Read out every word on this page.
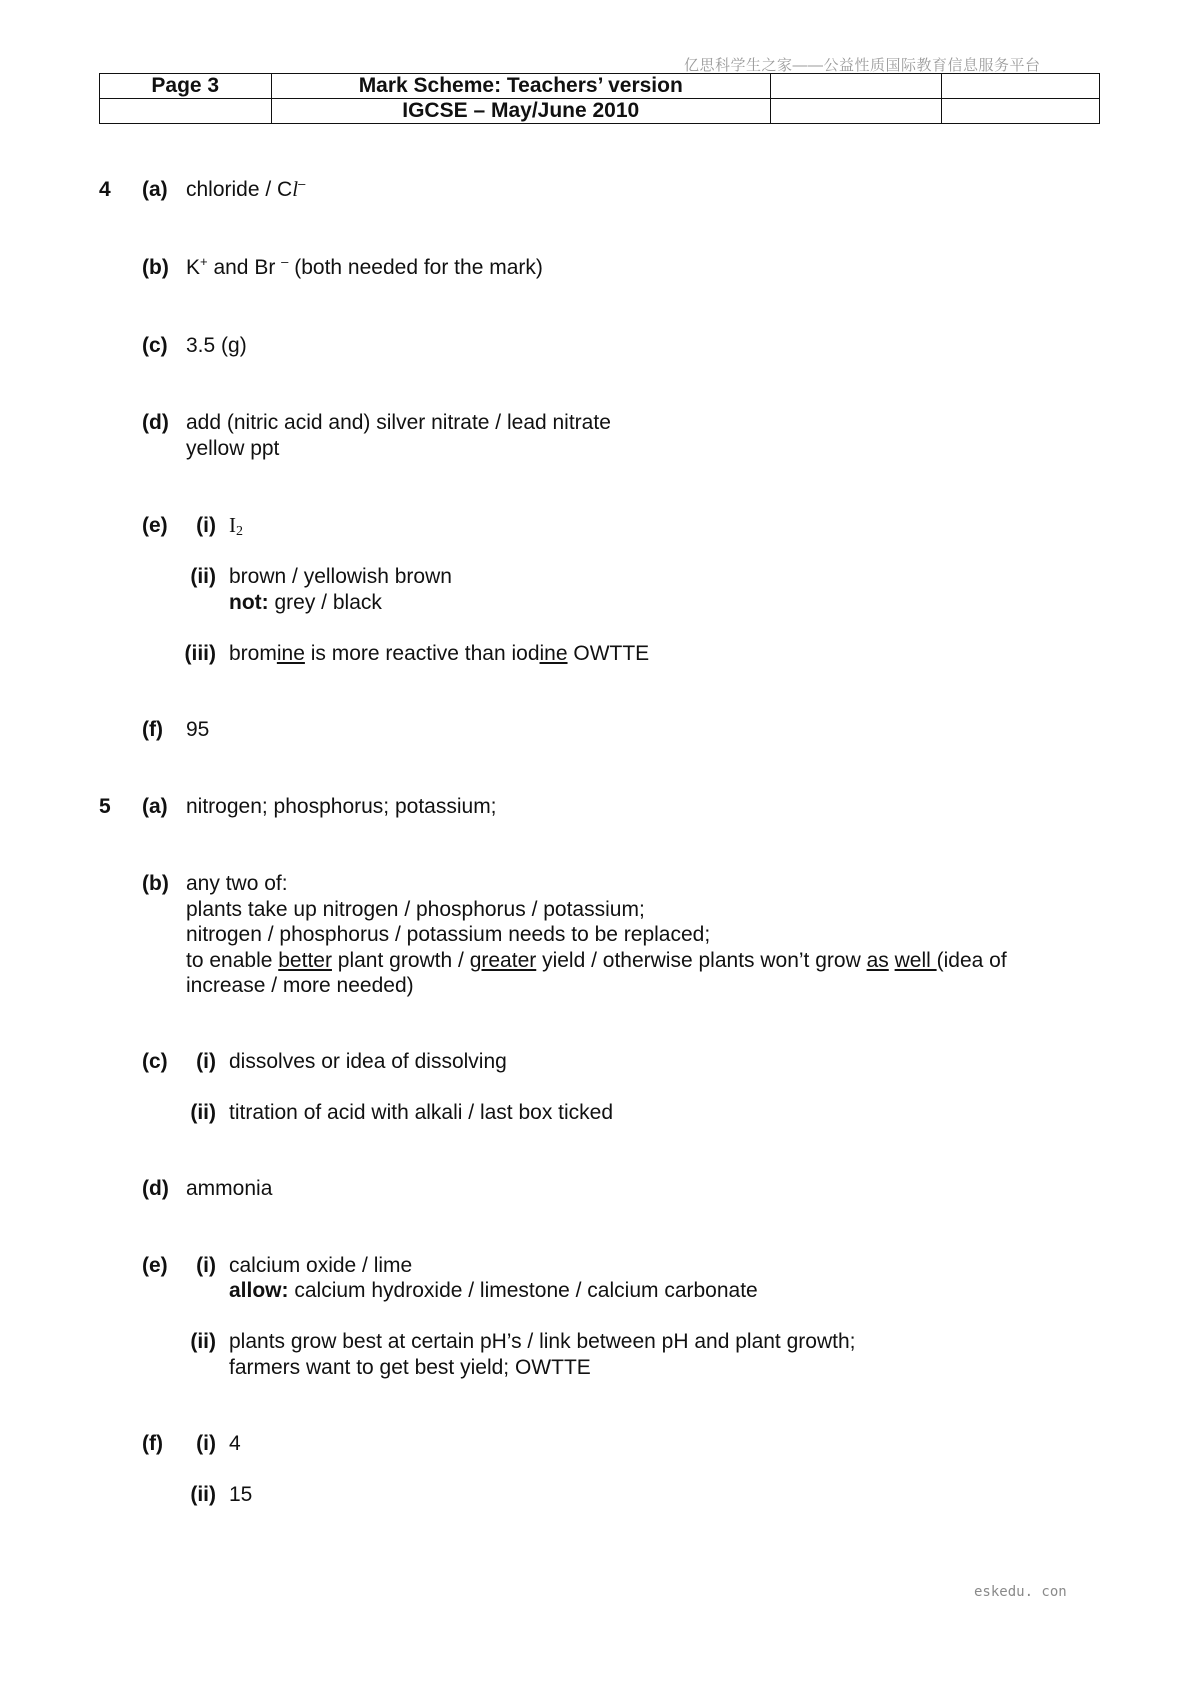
亿思科学生之家——公益性质国际教育信息服务平台
Page 3	Mark Scheme: Teachers’ version		
	IGCSE – May/June 2010		
4 (a) chloride / Cl–
(b) K+ and Br – (both needed for the mark)
(c) 3.5 (g)
(d) add (nitric acid and) silver nitrate / lead nitrate
yellow ppt
(e)	(i) $I_2$
(ii) brown / yellowish brown
not: grey / black
(iii) bromine is more reactive than iodine OWTTE
(f) 95
5 (a) nitrogen; phosphorus; potassium;
(b) any two of:
plants take up nitrogen / phosphorus / potassium;
nitrogen / phosphorus / potassium needs to be replaced;
to enable better plant growth / greater yield / otherwise plants won’t grow as well (idea of
increase / more needed)
(c)	(i) dissolves or idea of dissolving
(ii) titration of acid with alkali / last box ticked
(d) ammonia
(e)	(i) calcium oxide / lime
allow: calcium hydroxide / limestone / calcium carbonate
(ii) plants grow best at certain pH’s / link between pH and plant growth;
farmers want to get best yield; OWTTE
(f)	(i) 4
(ii) 15
eskedu. con
